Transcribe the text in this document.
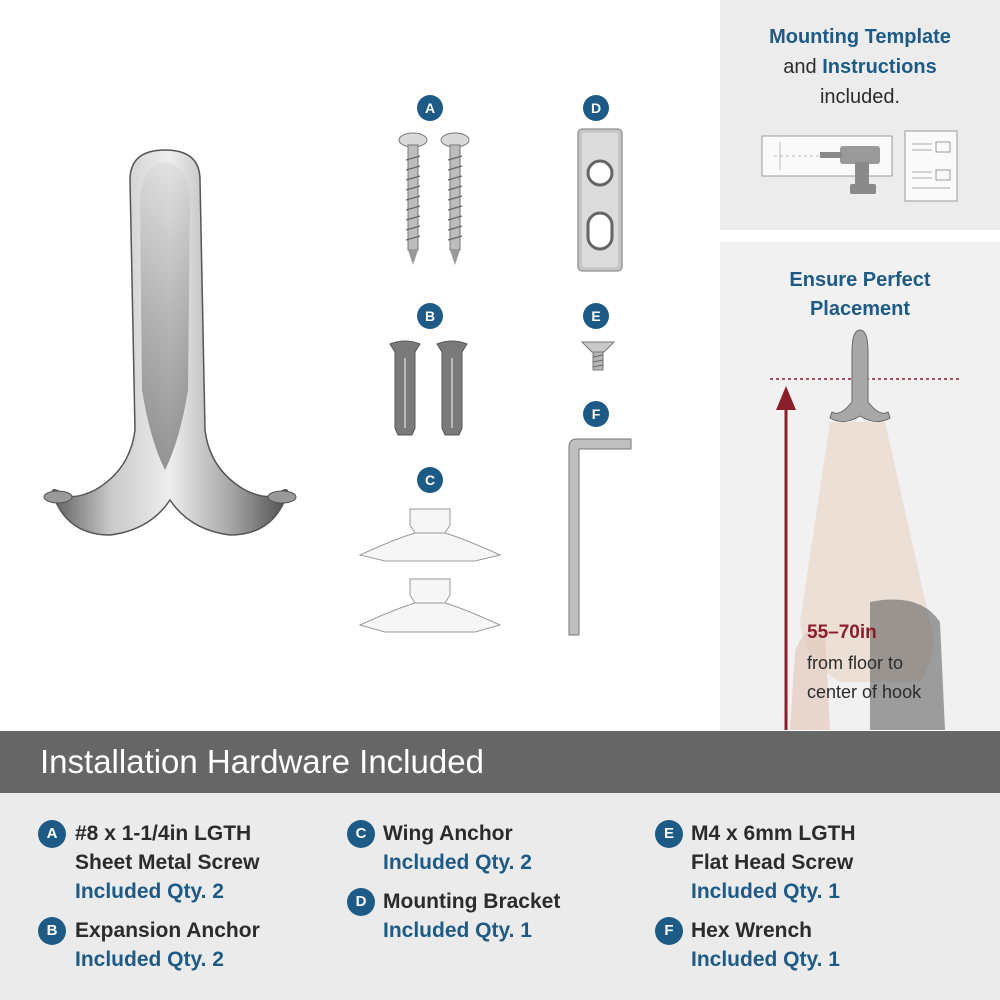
A	D
B	E
F
C
Mounting Template
and Instructions
included.
Ensure Perfect
Placement
55–70in
from floor to
center of hook
Installation Hardware Included
A #8 x 1-1/4in LGTH
Sheet Metal Screw
Included Qty. 2
B Expansion Anchor
Included Qty. 2
C Wing Anchor
Included Qty. 2
D Mounting Bracket
Included Qty. 1
E M4 x 6mm LGTH
Flat Head Screw
Included Qty. 1
F Hex Wrench
Included Qty. 1
